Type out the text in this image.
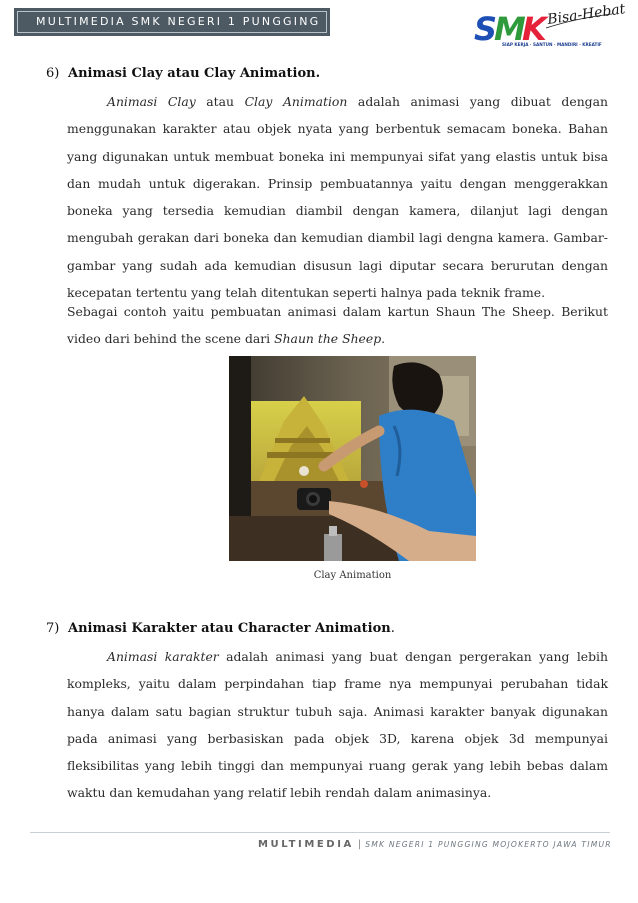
MULTIMEDIA SMK NEGERI 1 PUNGGING	S
M
K Bisa-Hebat
SIAP KERJA · SANTUN · MANDIRI · KREATIF
6) Animasi Clay atau Clay Animation.

Animasi Clay atau Clay Animation adalah animasi yang dibuat dengan menggunakan karakter atau objek nyata yang berbentuk semacam boneka. Bahan yang digunakan untuk membuat boneka ini mempunyai sifat yang elastis untuk bisa dan mudah untuk digerakan. Prinsip pembuatannya yaitu dengan menggerakkan boneka yang tersedia kemudian diambil dengan kamera, dilanjut lagi dengan mengubah gerakan dari boneka dan kemudian diambil lagi dengna kamera. Gambar-gambar yang sudah ada kemudian disusun lagi diputar secara berurutan dengan kecepatan tertentu yang telah ditentukan seperti halnya pada teknik frame.

Sebagai contoh yaitu pembuatan animasi dalam kartun Shaun The Sheep. Berikut video dari behind the scene dari Shaun the Sheep.

Clay Animation
7) Animasi Karakter atau Character Animation.

Animasi karakter adalah animasi yang buat dengan pergerakan yang lebih kompleks, yaitu dalam perpindahan tiap frame nya mempunyai perubahan tidak hanya dalam satu bagian struktur tubuh saja. Animasi karakter banyak digunakan pada animasi yang berbasiskan pada objek 3D, karena objek 3d mempunyai fleksibilitas yang lebih tinggi dan mempunyai ruang gerak yang lebih bebas dalam waktu dan kemudahan yang relatif lebih rendah dalam animasinya.

MULTIMEDIA | SMK NEGERI 1 PUNGGING MOJOKERTO JAWA TIMUR
